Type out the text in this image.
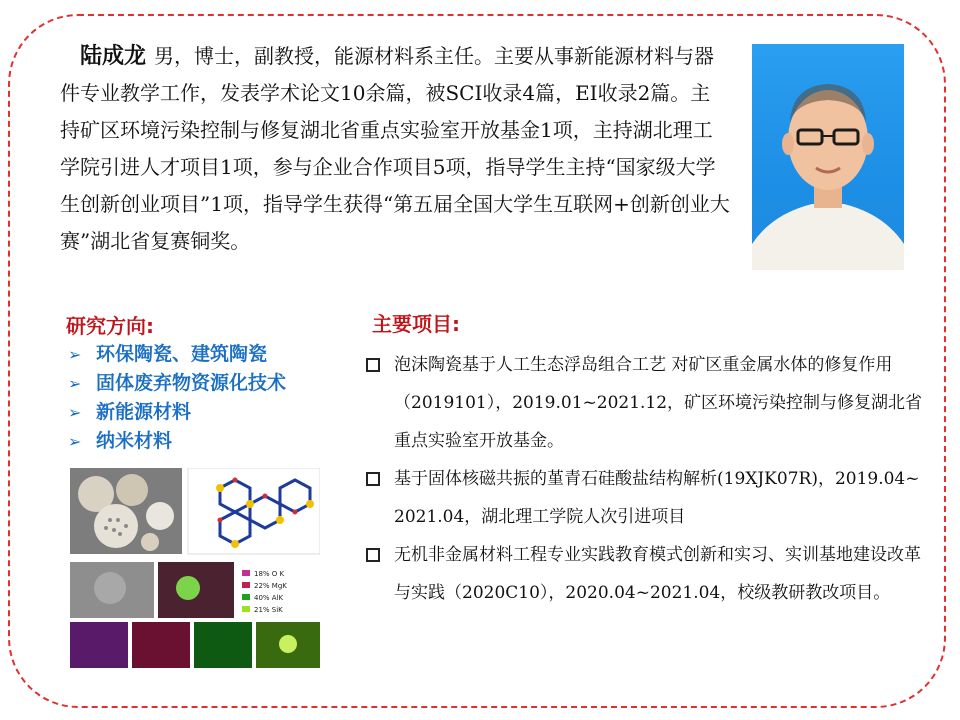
陆成龙 男，博士，副教授，能源材料系主任。主要从事新能源材料与器件专业教学工作，发表学术论文10余篇，被SCI收录4篇，EI收录2篇。主持矿区环境污染控制与修复湖北省重点实验室开放基金1项，主持湖北理工学院引进人才项目1项，参与企业合作项目5项，指导学生主持“国家级大学生创新创业项目”1项，指导学生获得“第五届全国大学生互联网+创新创业大赛”湖北省复赛铜奖。
研究方向:
➢ 环保陶瓷、建筑陶瓷
➢ 固体废弃物资源化技术
➢ 新能源材料
➢ 纳米材料
主要项目:
泡沫陶瓷基于人工生态浮岛组合工艺 对矿区重金属水体的修复作用（2019101），2019.01~2021.12，矿区环境污染控制与修复湖北省重点实验室开放基金。
基于固体核磁共振的堇青石硅酸盐结构解析(19XJK07R)，2019.04~ 2021.04，湖北理工学院人次引进项目
无机非金属材料工程专业实践教育模式创新和实习、实训基地建设改革与实践（2020C10），2020.04~2021.04，校级教研教改项目。
18% O K
22% MgK
40% AlK
21% SiK
